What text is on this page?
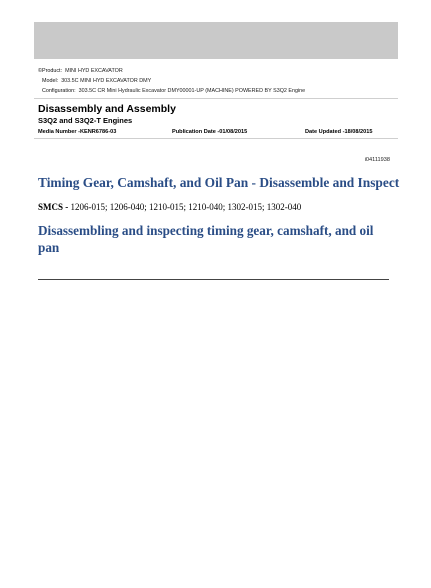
©Product: MINI HYD EXCAVATOR
Model: 303.5C MINI HYD EXCAVATOR DMY
Configuration: 303.5C CR Mini Hydraulic Excavator DMY00001-UP (MACHINE) POWERED BY S3Q2 Engine
Disassembly and Assembly
S3Q2 and S3Q2-T Engines
Media Number -KENR6786-03	Publication Date -01/08/2015	Date Updated -18/08/2015
i04111938
Timing Gear, Camshaft, and Oil Pan - Disassemble and Inspect
SMCS - 1206-015; 1206-040; 1210-015; 1210-040; 1302-015; 1302-040
Disassembling and inspecting timing gear, camshaft, and oil pan
